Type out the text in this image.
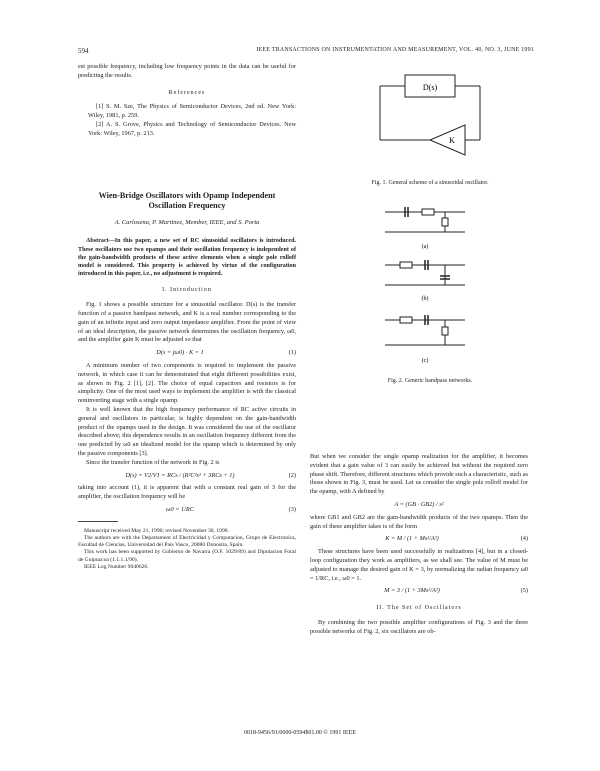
594	IEEE TRANSACTIONS ON INSTRUMENTATION AND MEASUREMENT, VOL. 40, NO. 3, JUNE 1991

est possible frequency, including low frequency points in the data can be useful for predicting the results.

References

[1] S. M. Sze, The Physics of Semiconductor Devices, 2nd ed. New York: Wiley, 1981, p. 259.

[2] A. S. Grove, Physics and Technology of Semiconductor Devices. New York: Wiley, 1967, p. 213.

Wien-Bridge Oscillators with Opamp Independent
Oscillation Frequency
A. Carlosena, P. Martinez, Member, IEEE, and S. Porta
Abstract—In this paper, a new set of RC sinusoidal oscillators is introduced. These oscillators use two opamps and their oscillation frequency is independent of the gain-bandwidth products of these active elements when a single pole rolloff model is considered. This property is achieved by virtue of the configuration introduced in this paper, i.e., no adjustment is required.
I. Introduction

Fig. 1 shows a possible structure for a sinusoidal oscillator. D(s) is the transfer function of a passive bandpass network, and K is a real number corresponding to the gain of an infinite input and zero output impedance amplifier. From the point of view of an ideal description, the passive network determines the oscillation frequency, ω0, and the amplifier gain K must be adjusted so that

D(s = jω0) · K = 1	(1)

A minimum number of two components is required to implement the passive network, in which case it can be demonstrated that eight different possibilities exist, as shown in Fig. 2 [1], [2]. The choice of equal capacitors and resistors is for simplicity. One of the most used ways to implement the amplifier is with the classical noninverting stage with a single opamp.

It is well known that the high frequency performance of RC active circuits in general and oscillators in particular, is highly dependent on the gain-bandwidth product of the opamps used in the design. It was considered the use of the oscillator described above; this dependence results in an oscillation frequency different from the one predicted by ω0 an idealized model for the opamp which is determined by only the passive components [3].

Since the transfer function of the network in Fig. 2 is

D(s) = V2/V1 = RCs / (R²C²s² + 3RCs + 1)	(2)

taking into account (1), it is apparent that with a constant real gain of 3 for the amplifier, the oscillation frequency will be

ω0 = 1/RC	(3)

Manuscript received May 21, 1990; revised November 30, 1990.

The authors are with the Departament of Electricidad y Computacion, Grupo de Electronica, Facultad de Ciencias, Universidad del Pais Vasco, 20080 Donostia, Spain.

This work has been supported by Gobierno de Navarra (O.F. 1029/89) and Diputacion Foral de Guipuzcoa (1.1.1.1/90).

IEEE Log Number 9040626.

D(s)
K
Fig. 1. General scheme of a sinusoidal oscillator.
(a)
(b)
(c)
Fig. 2. Generic bandpass networks.

But when we consider the single opamp realization for the amplifier, it becomes evident that a gain value of 3 can easily be achieved but without the required zero phase shift. Therefore, different structures which provide such a characteristic, such as those shown in Fig. 3, must be used. Let us consider the single pole rolloff model for the opamp, with A defined by

A = (GB · GB2) / s²

where GB1 and GB2 are the gain-bandwidth products of the two opamps. Then the gain of these amplifier takes is of the form

K = M / (1 + Ms²/A²)	(4)

These structures have been used successfully in realizations [4], but in a closed-loop configuration they work as amplifiers, as we shall see. The value of M must be adjusted to manage the desired gain of K = 3, by normalizing the radian frequency ω0 = 1/RC, i.e., ω0 = 1.

M = 3 / (1 + 3Ms²/A²)	(5)
II. The Set of Oscillators

By combining the two possible amplifier configurations of Fig. 3 and the three possible networks of Fig. 2, six oscillators are ob-

0018-9456/91/0600-0594$01.00 © 1991 IEEE
